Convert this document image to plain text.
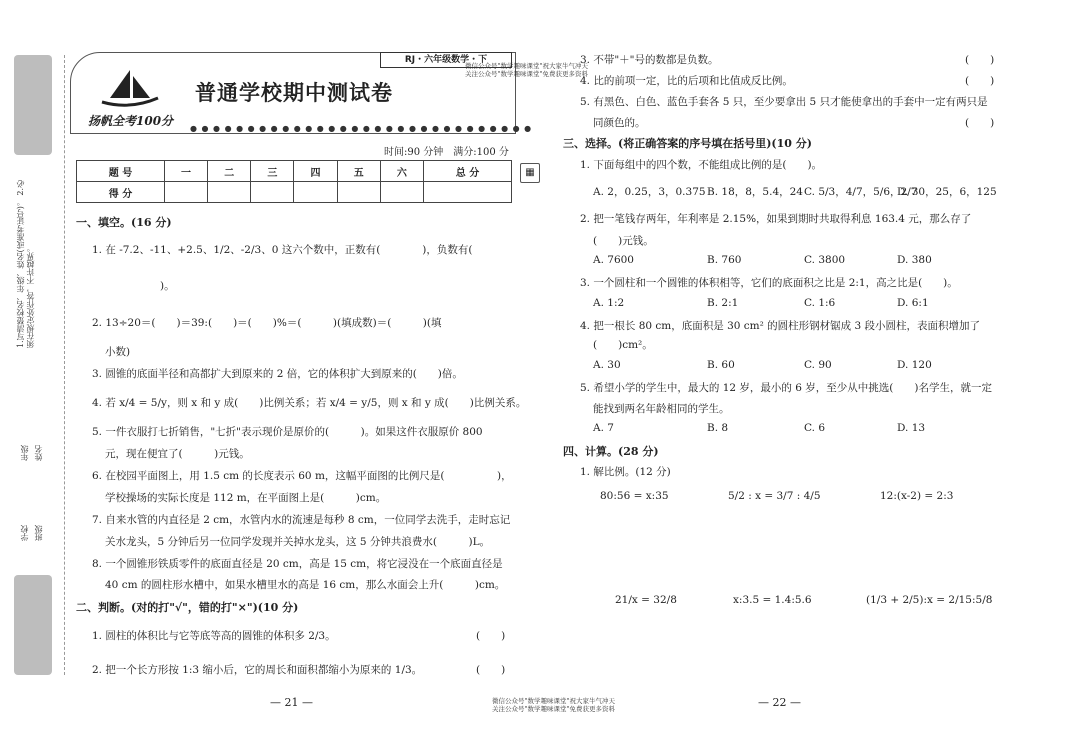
1.写清楚校名、年级、姓名(或准考证号)。 2.必须在规定处作答，不许越界。
学校 班级
年级 姓名
扬帆全考100分
普通学校期中测试卷
RJ・六年级数学・下
● ● ● ● ● ● ● ● ● ● ● ● ● ● ● ● ● ● ● ● ● ● ● ● ● ● ● ● ● ●
微信公众号"数学趣味课堂"祝大家牛气冲天
关注公众号"数学趣味课堂"免费获更多资料
时间:90 分钟　满分:100 分
题 号	一	二	三	四	五	六	总 分
得 分							
▦
一、填空。(16 分)
1. 在 -7.2、-11、+2.5、1/2、-2/3、0 这六个数中，正数有(　　　　)，负数有(
)。
2. 13÷20＝(　　)＝39:(　　)＝(　　)%＝(　　　)(填成数)＝(　　　)(填
小数)
3. 圆锥的底面半径和高都扩大到原来的 2 倍，它的体积扩大到原来的(　　)倍。
4. 若 x/4 = 5/y，则 x 和 y 成(　　)比例关系；若 x/4 = y/5，则 x 和 y 成(　　)比例关系。
5. 一件衣服打七折销售，"七折"表示现价是原价的(　　　)。如果这件衣服原价 800
元，现在便宜了(　　　)元钱。
6. 在校园平面图上，用 1.5 cm 的长度表示 60 m，这幅平面图的比例尺是(　　　　　)，
学校操场的实际长度是 112 m，在平面图上是(　　　)cm。
7. 自来水管的内直径是 2 cm，水管内水的流速是每秒 8 cm，一位同学去洗手，走时忘记
关水龙头，5 分钟后另一位同学发现并关掉水龙头，这 5 分钟共浪费水(　　　)L。
8. 一个圆锥形铁质零件的底面直径是 20 cm，高是 15 cm，将它浸没在一个底面直径是
40 cm 的圆柱形水槽中，如果水槽里水的高是 16 cm，那么水面会上升(　　　)cm。
二、判断。(对的打"√"，错的打"×")(10 分)
1. 圆柱的体积比与它等底等高的圆锥的体积多 2/3。	(　　)
2. 把一个长方形按 1:3 缩小后，它的周长和面积都缩小为原来的 1/3。	(　　)
— 21 —
3. 不带"＋"号的数都是负数。	(　　)
4. 比的前项一定，比的后项和比值成反比例。	(　　)
5. 有黑色、白色、蓝色手套各 5 只，至少要拿出 5 只才能使拿出的手套中一定有两只是
同颜色的。	(　　)
三、选择。(将正确答案的序号填在括号里)(10 分)
1. 下面每组中的四个数，不能组成比例的是(　　)。
A. 2，0.25，3，0.375 B. 18，8，5.4，24 C. 5/3，4/7，5/6，2/7
D. 30，25，6，125
2. 把一笔钱存两年，年利率是 2.15%，如果到期时共取得利息 163.4 元，那么存了
(　　)元钱。
A. 7600	B. 760	C. 3800	D. 380
3. 一个圆柱和一个圆锥的体积相等，它们的底面积之比是 2:1，高之比是(　　)。
A. 1:2	B. 2:1	C. 1:6	D. 6:1
4. 把一根长 80 cm，底面积是 30 cm² 的圆柱形钢材锯成 3 段小圆柱，表面积增加了
(　　)cm²。
A. 30	B. 60	C. 90	D. 120
5. 希望小学的学生中，最大的 12 岁，最小的 6 岁，至少从中挑选(　　)名学生，就一定
能找到两名年龄相同的学生。
A. 7	B. 8	C. 6	D. 13
四、计算。(28 分)
1. 解比例。(12 分)
80:56 = x:35	5/2 : x = 3/7 : 4/5	12:(x-2) = 2:3
21/x = 32/8	x:3.5 = 1.4:5.6	(1/3 + 2/5):x = 2/15:5/8
微信公众号"数学趣味课堂"祝大家牛气冲天
关注公众号"数学趣味课堂"免费获更多资料	— 22 —
